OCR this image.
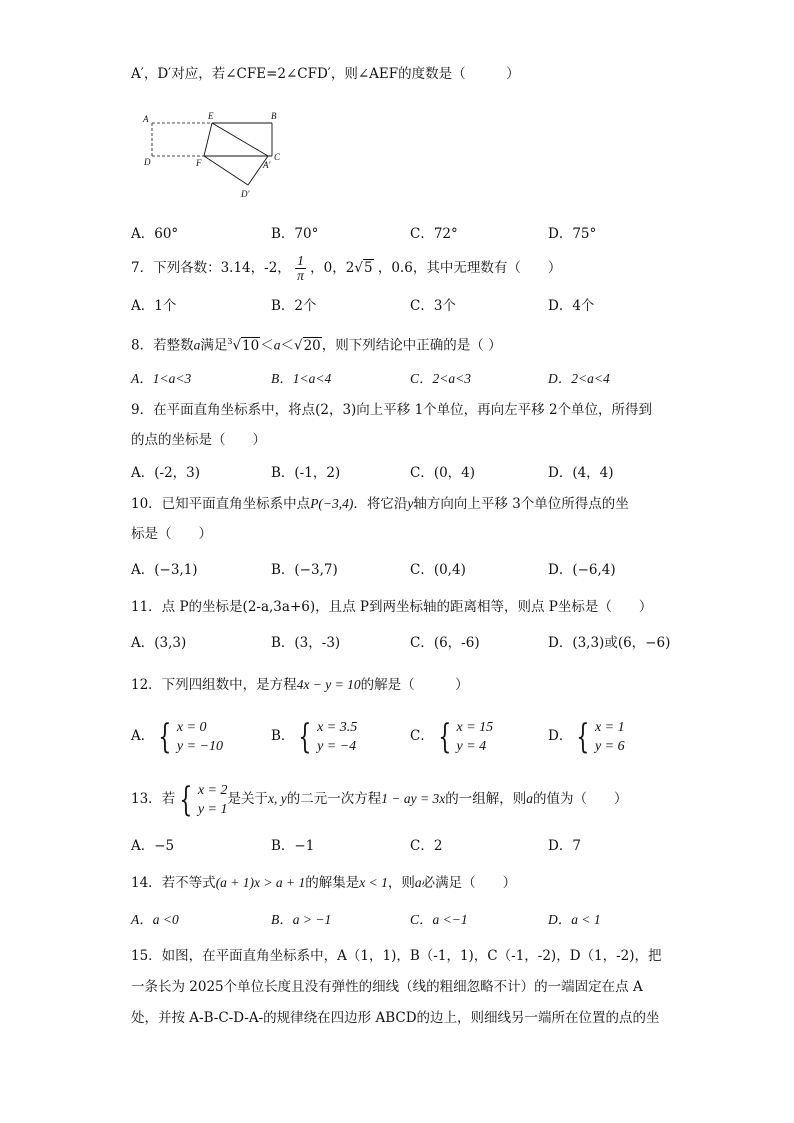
A′，D′对应，若∠CFE=2∠CFD′，则∠AEF的度数是（　　　）
A	E	B
D	F
C
A′
D′
A．60°	B．70°	C．72°	D．75°
7．下列各数：3.14，-2， $\frac{1}{\pi}$ ，0，2√5 ，0.6，其中无理数有（　　）
A．1个	B．2个	C．3个	D．4个
8．若整数a满足$^3$√10＜a＜√20，则下列结论中正确的是（ ）
A．1<a<3	B．1<a<4	C．2<a<3	D．2<a<4
9．在平面直角坐标系中，将点(2，3)向上平移 1个单位，再向左平移 2个单位，所得到
的点的坐标是（　　）
A．(-2，3)	B．(-1，2)	C．(0，4)	D．(4，4)
10．已知平面直角坐标系中点P(−3,4)．将它沿y轴方向向上平移 3个单位所得点的坐
标是（　　）
A．(−3,1)	B．(−3,7)	C．(0,4)	D．(−6,4)
11．点 P的坐标是(2-a,3a+6)，且点 P到两坐标轴的距离相等，则点 P坐标是（　　）
A．(3,3)	B．(3，-3)	C．(6，-6)	D．(3,3)或(6，−6)
12．下列四组数中，是方程4x − y = 10的解是（　　　）
A． { x = 0
y = −10
B． { x = 3.5
y = −4
C． { x = 15
y = 4
D． { x = 1
y = 6
13．若 { x = 2
y = 1
是关于x, y的二元一次方程1 − ay = 3x的一组解，则a的值为（　　）
A．−5	B．−1	C．2	D．7
14．若不等式(a + 1)x > a + 1的解集是x < 1，则a必满足（　　）
A．a <0	B．a > −1	C．a <−1	D．a < 1
15．如图，在平面直角坐标系中，A（1，1)，B（-1，1)，C（-1，-2)，D（1，-2)，把
一条长为 2025个单位长度且没有弹性的细线（线的粗细忽略不计）的一端固定在点 A
处，并按 A-B-C-D-A-的规律绕在四边形 ABCD的边上，则细线另一端所在位置的点的坐
